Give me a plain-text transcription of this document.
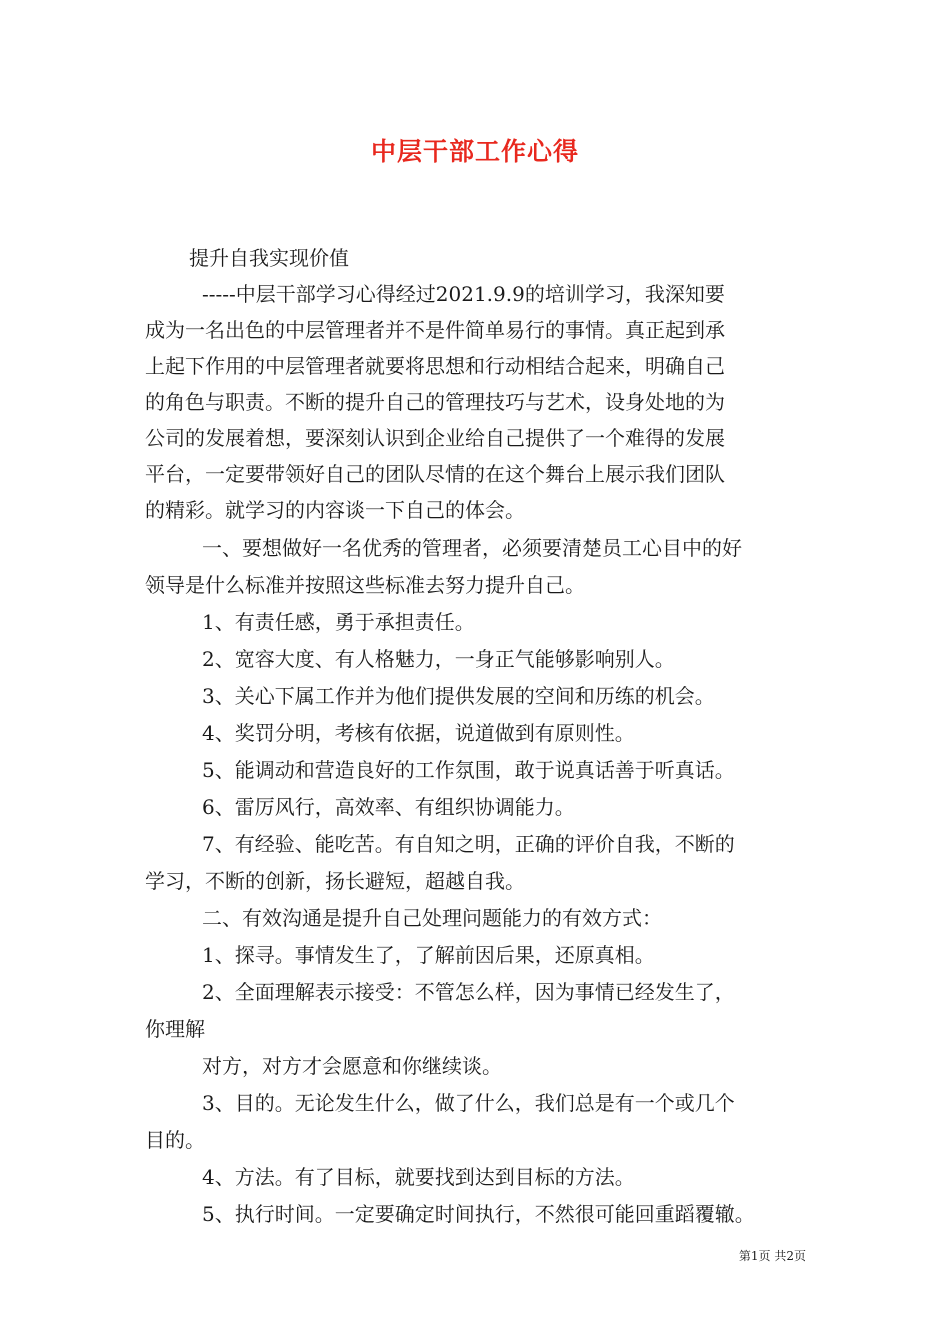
中层干部工作心得
提升自我实现价值
-----中层干部学习心得经过2021.9.9的培训学习，我深知要
成为一名出色的中层管理者并不是件简单易行的事情。真正起到承
上起下作用的中层管理者就要将思想和行动相结合起来，明确自己
的角色与职责。不断的提升自己的管理技巧与艺术，设身处地的为
公司的发展着想，要深刻认识到企业给自己提供了一个难得的发展
平台，一定要带领好自己的团队尽情的在这个舞台上展示我们团队
的精彩。就学习的内容谈一下自己的体会。
一、要想做好一名优秀的管理者，必须要清楚员工心目中的好
领导是什么标准并按照这些标准去努力提升自己。
1、有责任感，勇于承担责任。
2、宽容大度、有人格魅力，一身正气能够影响别人。
3、关心下属工作并为他们提供发展的空间和历练的机会。
4、奖罚分明，考核有依据，说道做到有原则性。
5、能调动和营造良好的工作氛围，敢于说真话善于听真话。
6、雷厉风行，高效率、有组织协调能力。
7、有经验、能吃苦。有自知之明，正确的评价自我，不断的
学习，不断的创新，扬长避短，超越自我。
二、有效沟通是提升自己处理问题能力的有效方式：
1、探寻。事情发生了，了解前因后果，还原真相。
2、全面理解表示接受：不管怎么样，因为事情已经发生了，
你理解
对方，对方才会愿意和你继续谈。
3、目的。无论发生什么，做了什么，我们总是有一个或几个
目的。
4、方法。有了目标，就要找到达到目标的方法。
5、执行时间。一定要确定时间执行，不然很可能回重蹈覆辙。
第1页 共2页
